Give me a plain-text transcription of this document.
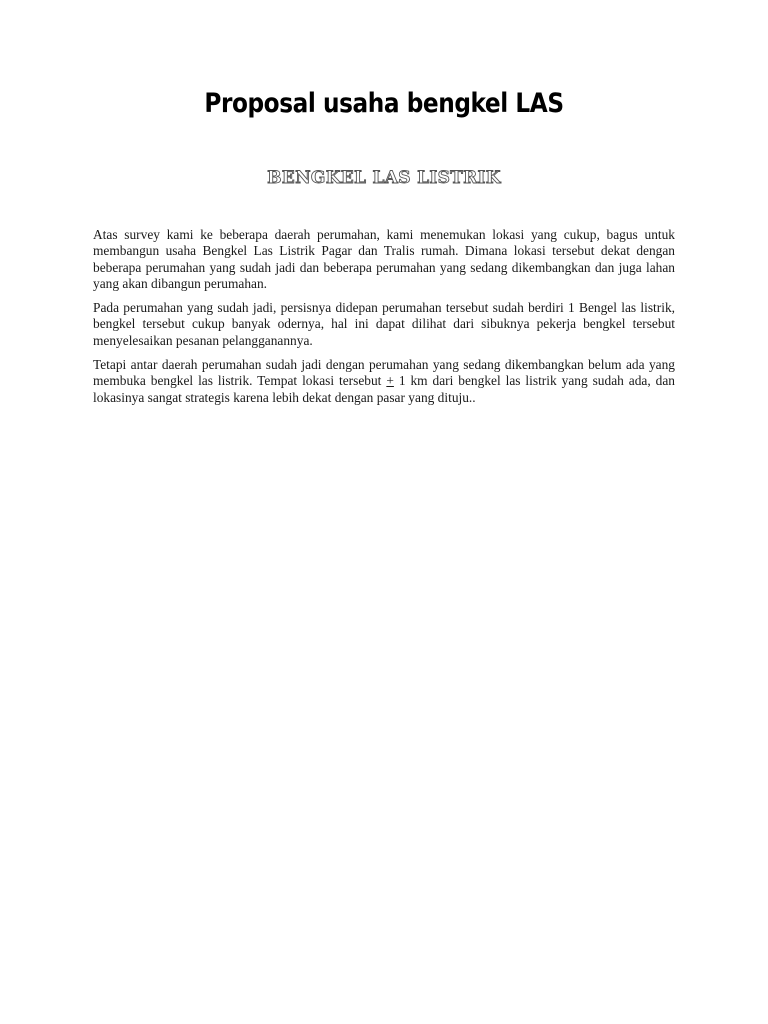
Proposal usaha bengkel LAS
BENGKEL LAS LISTRIK

Atas survey kami ke beberapa daerah perumahan, kami menemukan lokasi yang cukup, bagus untuk membangun usaha Bengkel Las Listrik Pagar dan Tralis rumah. Dimana lokasi tersebut dekat dengan beberapa perumahan yang sudah jadi dan beberapa perumahan yang sedang dikembangkan dan juga lahan yang akan dibangun perumahan.

Pada perumahan yang sudah jadi, persisnya didepan perumahan tersebut sudah berdiri 1 Bengel las listrik, bengkel tersebut cukup banyak odernya, hal ini dapat dilihat dari sibuknya pekerja bengkel tersebut menyelesaikan pesanan pelangganannya.

Tetapi antar daerah perumahan sudah jadi dengan perumahan yang sedang dikembangkan belum ada yang membuka bengkel las listrik. Tempat lokasi tersebut + 1 km dari bengkel las listrik yang sudah ada, dan lokasinya sangat strategis karena lebih dekat dengan pasar yang dituju..
